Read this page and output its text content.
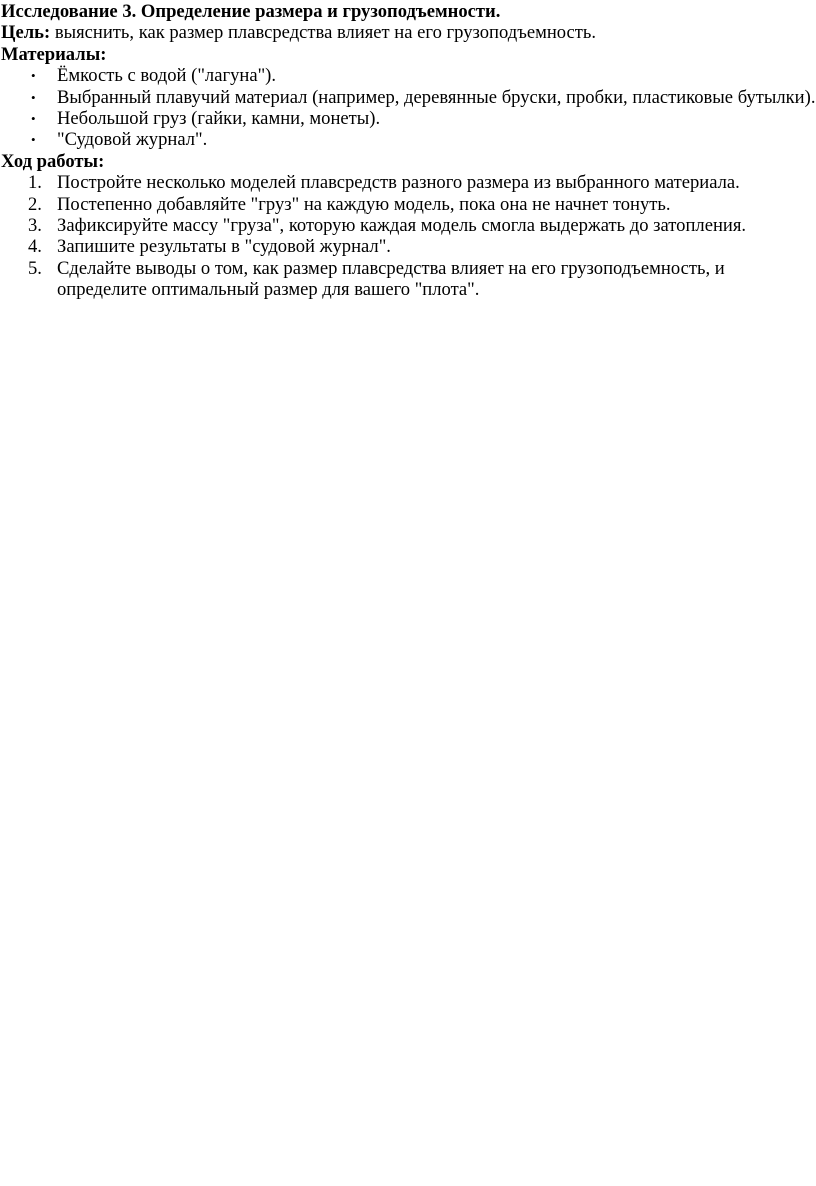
Исследование 3. Определение размера и грузоподъемности.
Цель: выяснить, как размер плавсредства влияет на его грузоподъемность.
Материалы:
• Ёмкость с водой ("лагуна").
• Выбранный плавучий материал (например, деревянные бруски, пробки, пластиковые бутылки).
• Небольшой груз (гайки, камни, монеты).
• "Судовой журнал".
Ход работы:
1. Постройте несколько моделей плавсредств разного размера из выбранного материала.
2. Постепенно добавляйте "груз" на каждую модель, пока она не начнет тонуть.
3. Зафиксируйте массу "груза", которую каждая модель смогла выдержать до затопления.
4. Запишите результаты в "судовой журнал".
5. Сделайте выводы о том, как размер плавсредства влияет на его грузоподъемность, и определите оптимальный размер для вашего "плота".
